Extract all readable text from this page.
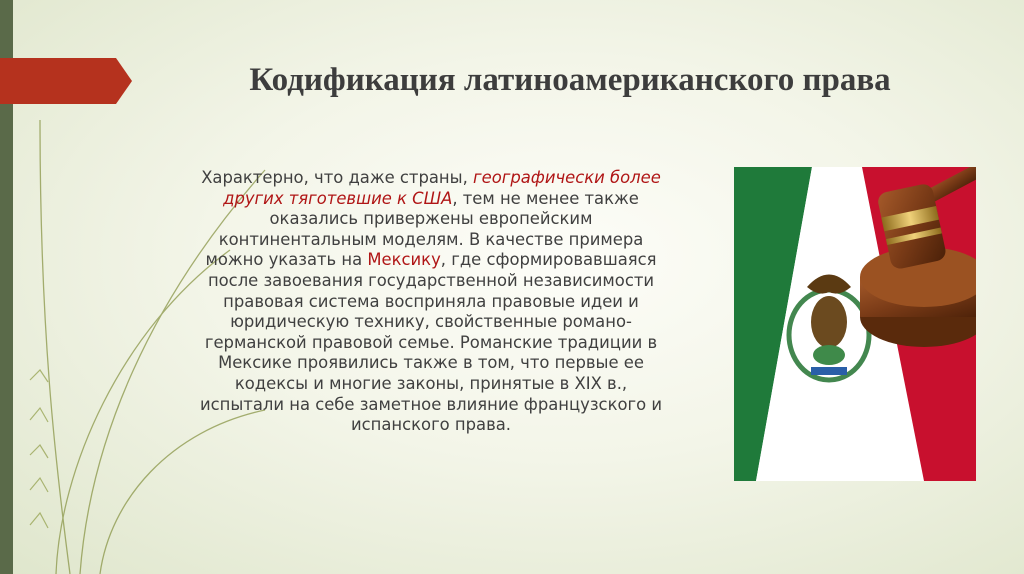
Кодификация латиноамериканского права

Характерно, что даже страны, географически более других тяготевшие к США, тем не менее также оказались привержены европейским континентальным моделям. В качестве примера можно указать на Мексику, где сформировавшаяся после завоевания государственной независимости правовая система восприняла правовые идеи и юридическую технику, свойственные романо-германской правовой семье. Романские традиции в Мексике проявились также в том, что первые ее кодексы и многие законы, принятые в XIX в., испытали на себе заметное влияние французского и испанского права.
